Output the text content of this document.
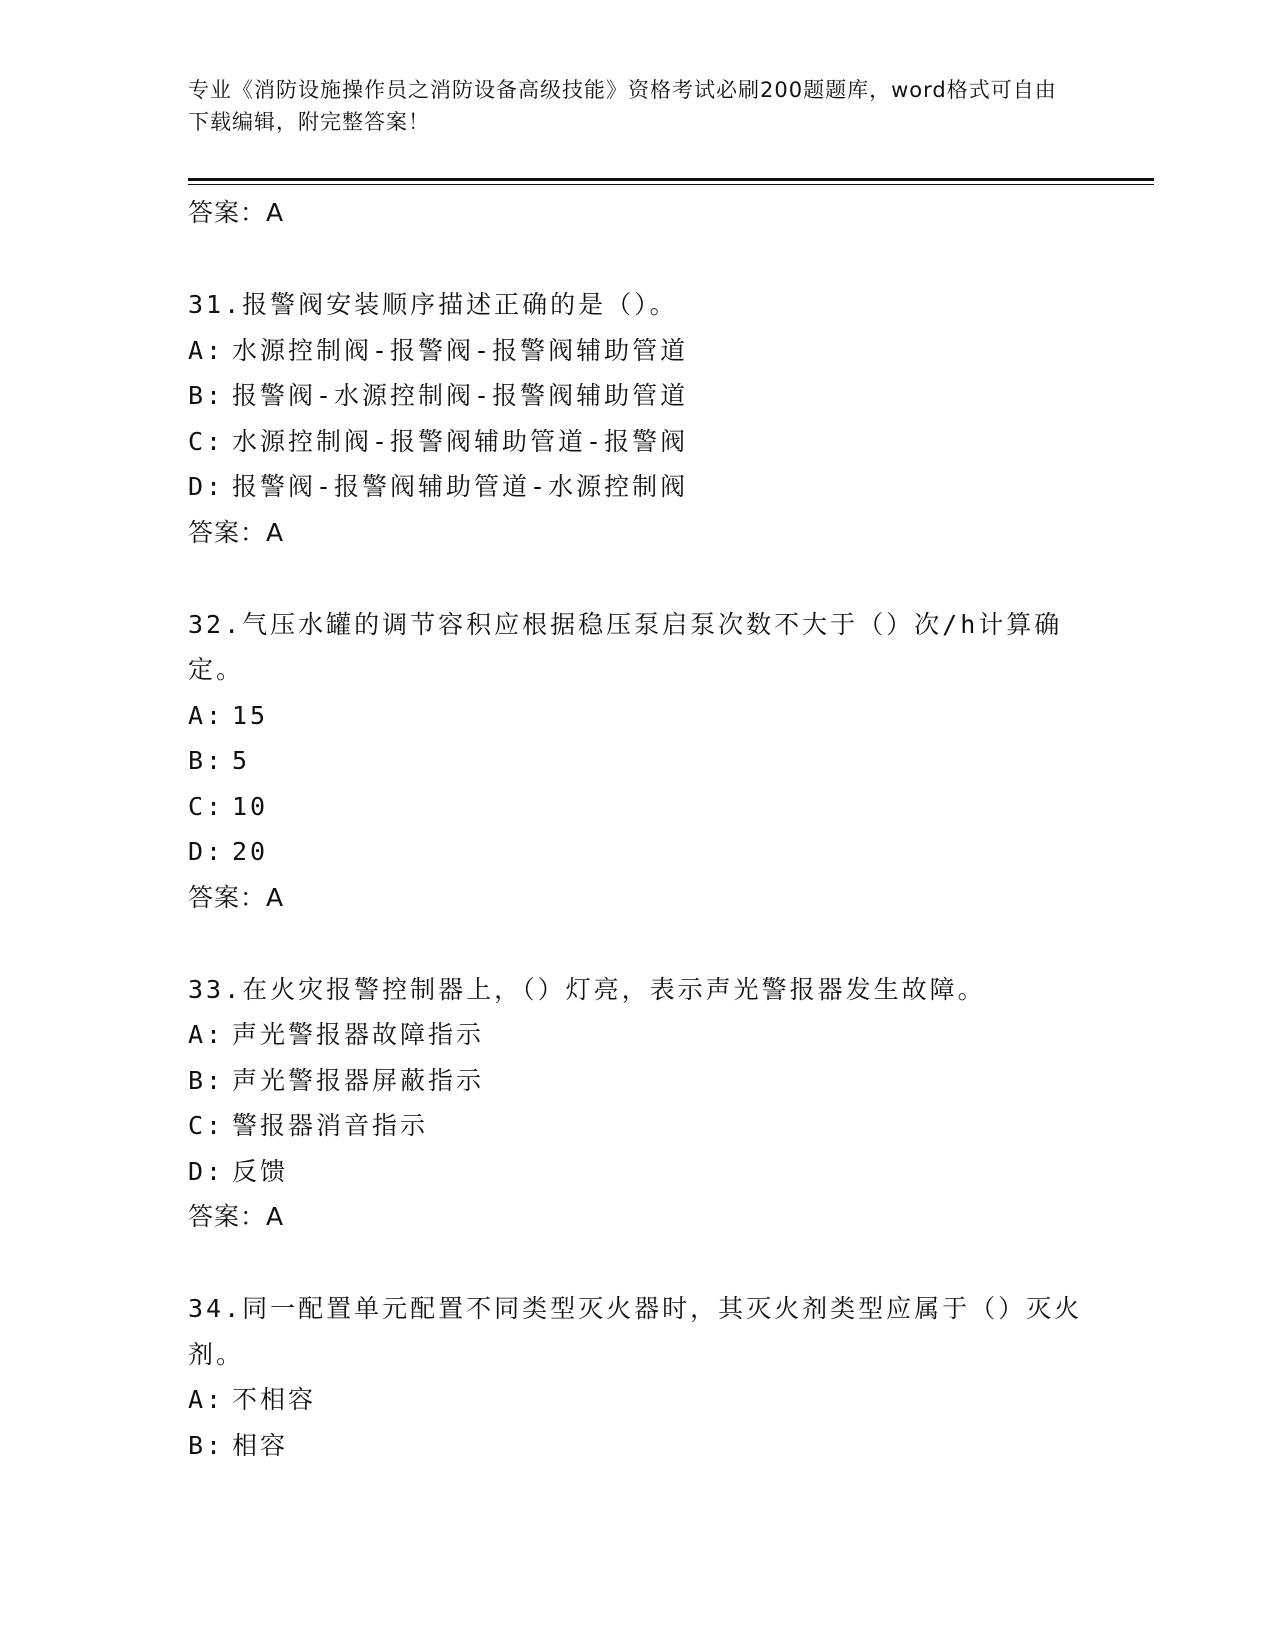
专业《消防设施操作员之消防设备高级技能》资格考试必刷200题题库，word格式可自由下载编辑，附完整答案！
答案：A
31.报警阀安装顺序描述正确的是（）。
A: 水源控制阀-报警阀-报警阀辅助管道
B: 报警阀-水源控制阀-报警阀辅助管道
C: 水源控制阀-报警阀辅助管道-报警阀
D: 报警阀-报警阀辅助管道-水源控制阀
答案：A
32.气压水罐的调节容积应根据稳压泵启泵次数不大于（）次/h计算确定。
A: 15
B: 5
C: 10
D: 20
答案：A
33.在火灾报警控制器上，（）灯亮，表示声光警报器发生故障。
A: 声光警报器故障指示
B: 声光警报器屏蔽指示
C: 警报器消音指示
D: 反馈
答案：A
34.同一配置单元配置不同类型灭火器时，其灭火剂类型应属于（）灭火剂。
A: 不相容
B: 相容
